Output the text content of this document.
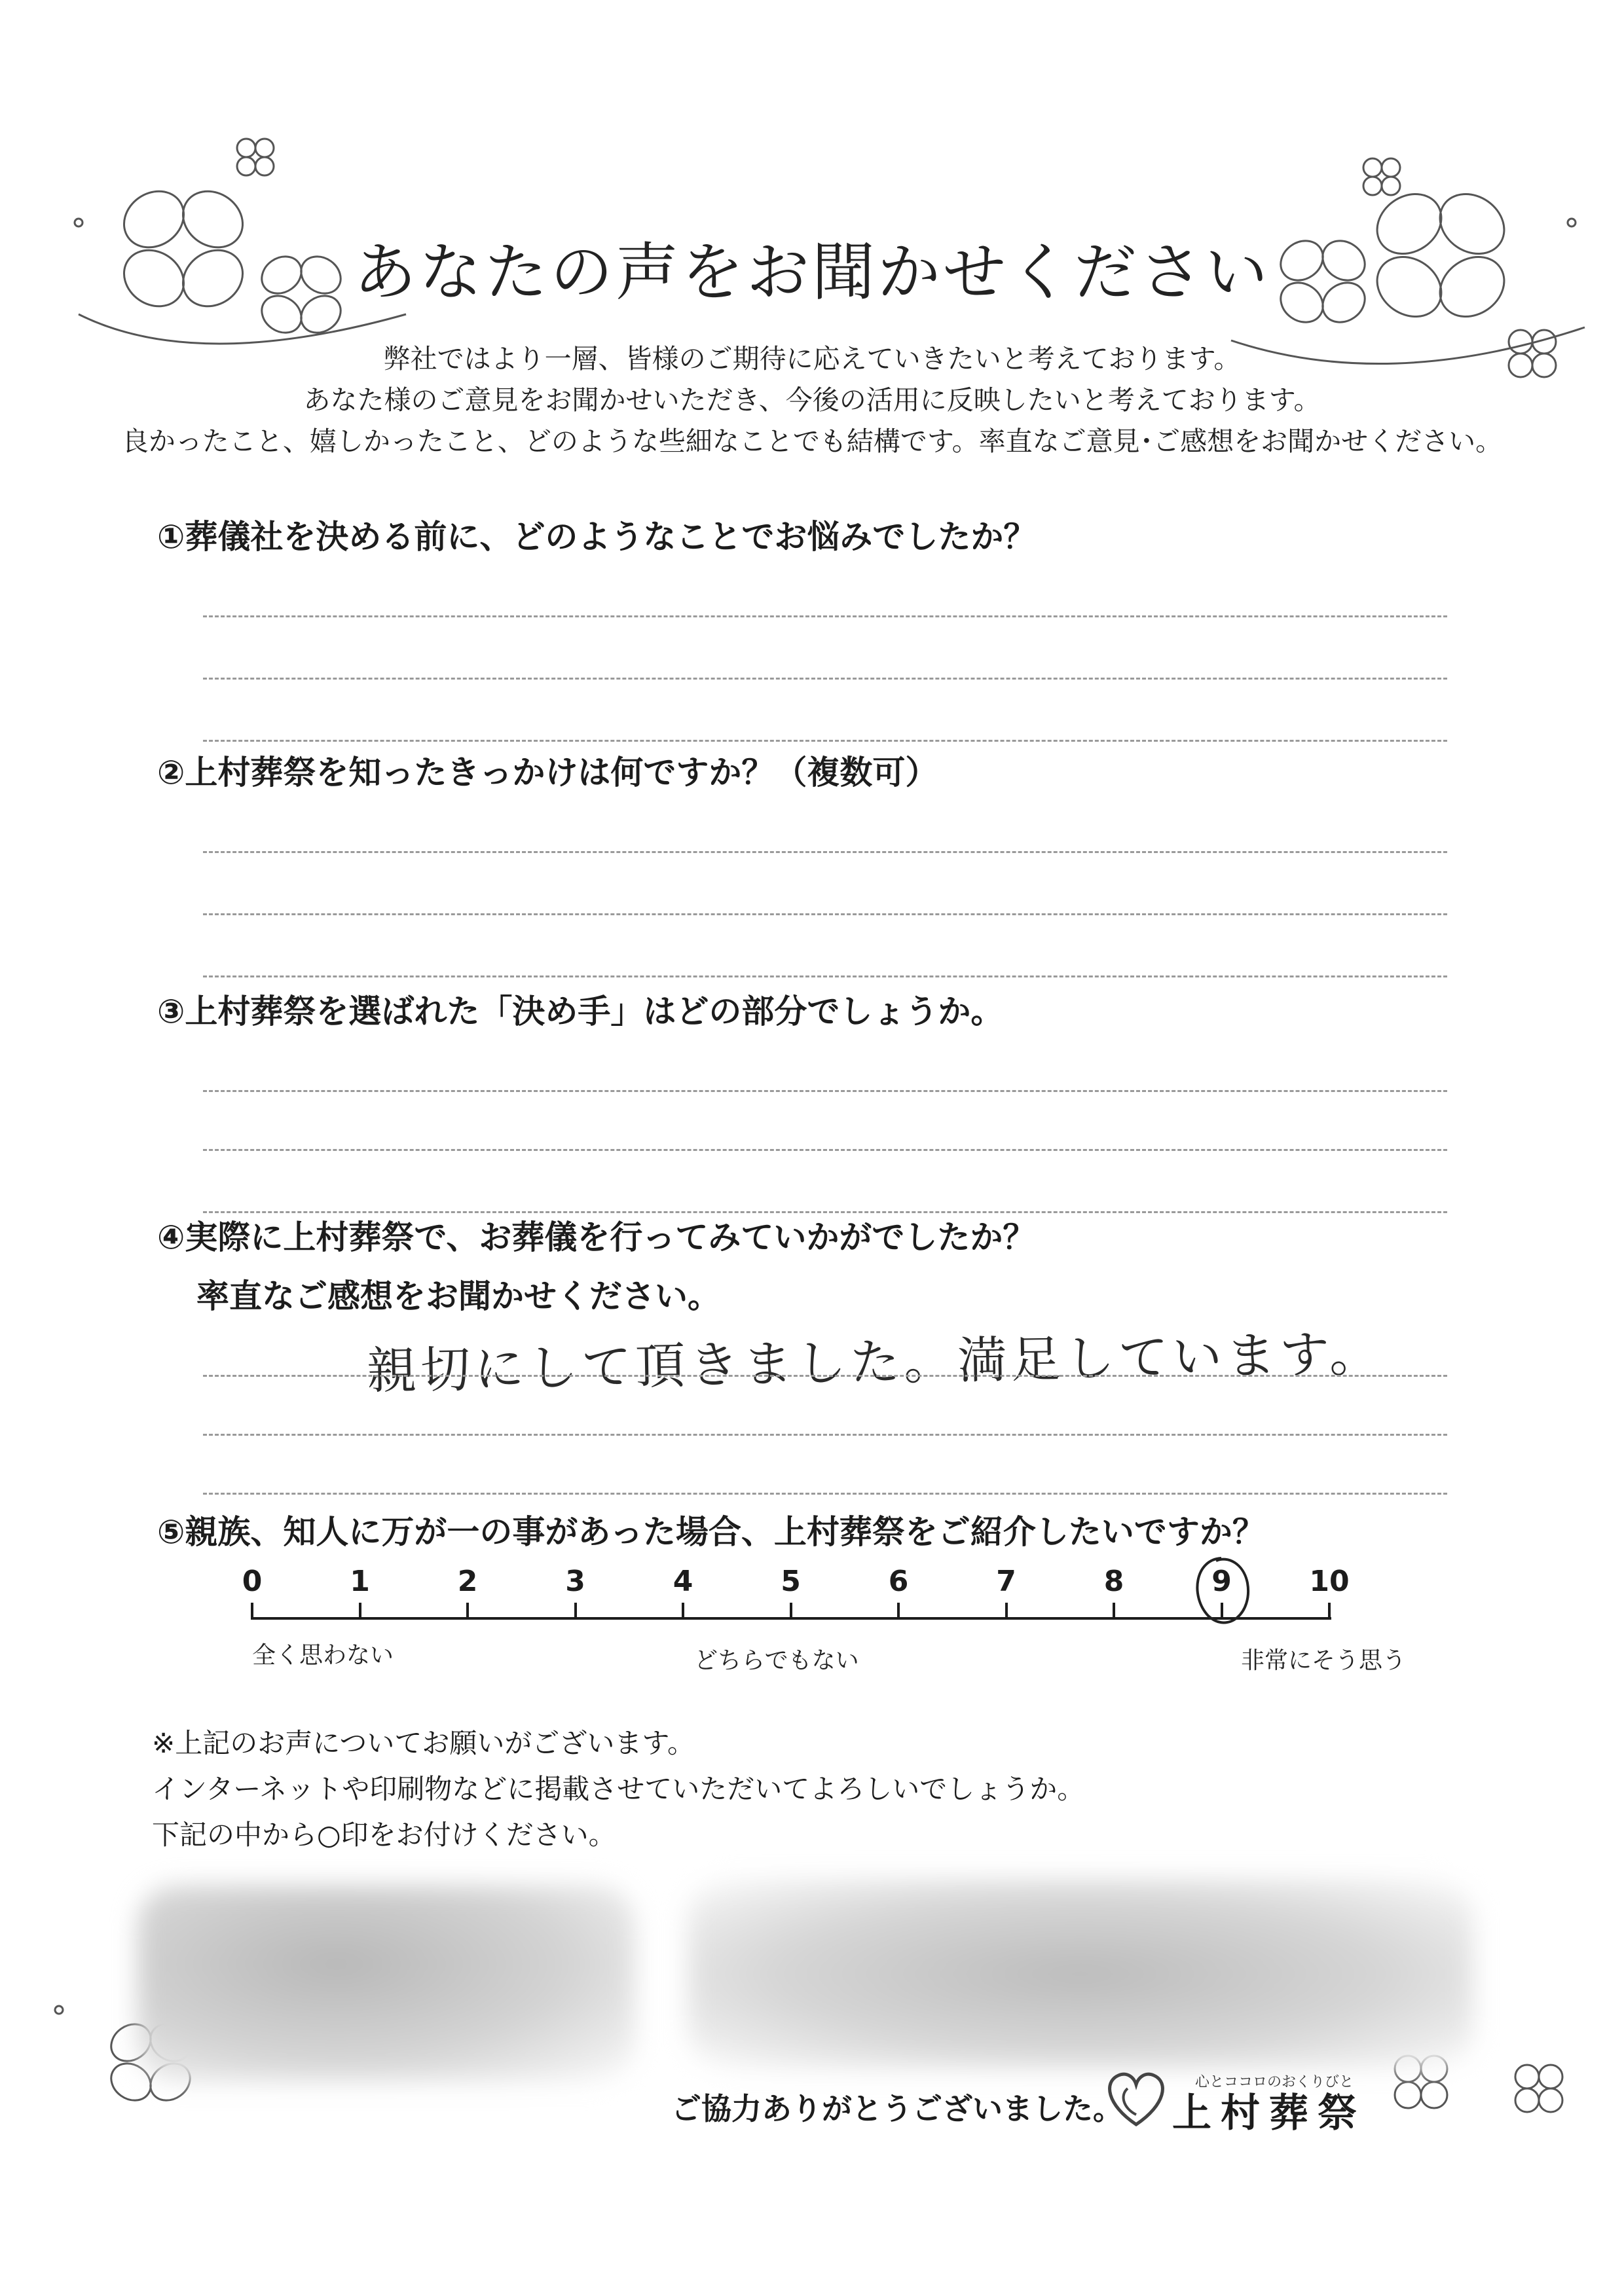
あなたの声をお聞かせください
弊社ではより一層、皆様のご期待に応えていきたいと考えております。
あなた様のご意見をお聞かせいただき、今後の活用に反映したいと考えております。
良かったこと、嬉しかったこと、どのような些細なことでも結構です。率直なご意見･ご感想をお聞かせください。
①葬儀社を決める前に、どのようなことでお悩みでしたか？
②上村葬祭を知ったきっかけは何ですか？（複数可）
③上村葬祭を選ばれた「決め手」はどの部分でしょうか。
④実際に上村葬祭で、お葬儀を行ってみていかがでしたか？
率直なご感想をお聞かせください。
親切にして頂きました。満足しています。
⑤親族、知人に万が一の事があった場合、上村葬祭をご紹介したいですか？
0	1	2	3	4	5	6	7	8	9	10
全く思わない	どちらでもない	非常にそう思う
※上記のお声についてお願いがございます。
インターネットや印刷物などに掲載させていただいてよろしいでしょうか。
下記の中から○印をお付けください。
ご協力ありがとうございました。
心とココロのおくりびと
上村葬祭
